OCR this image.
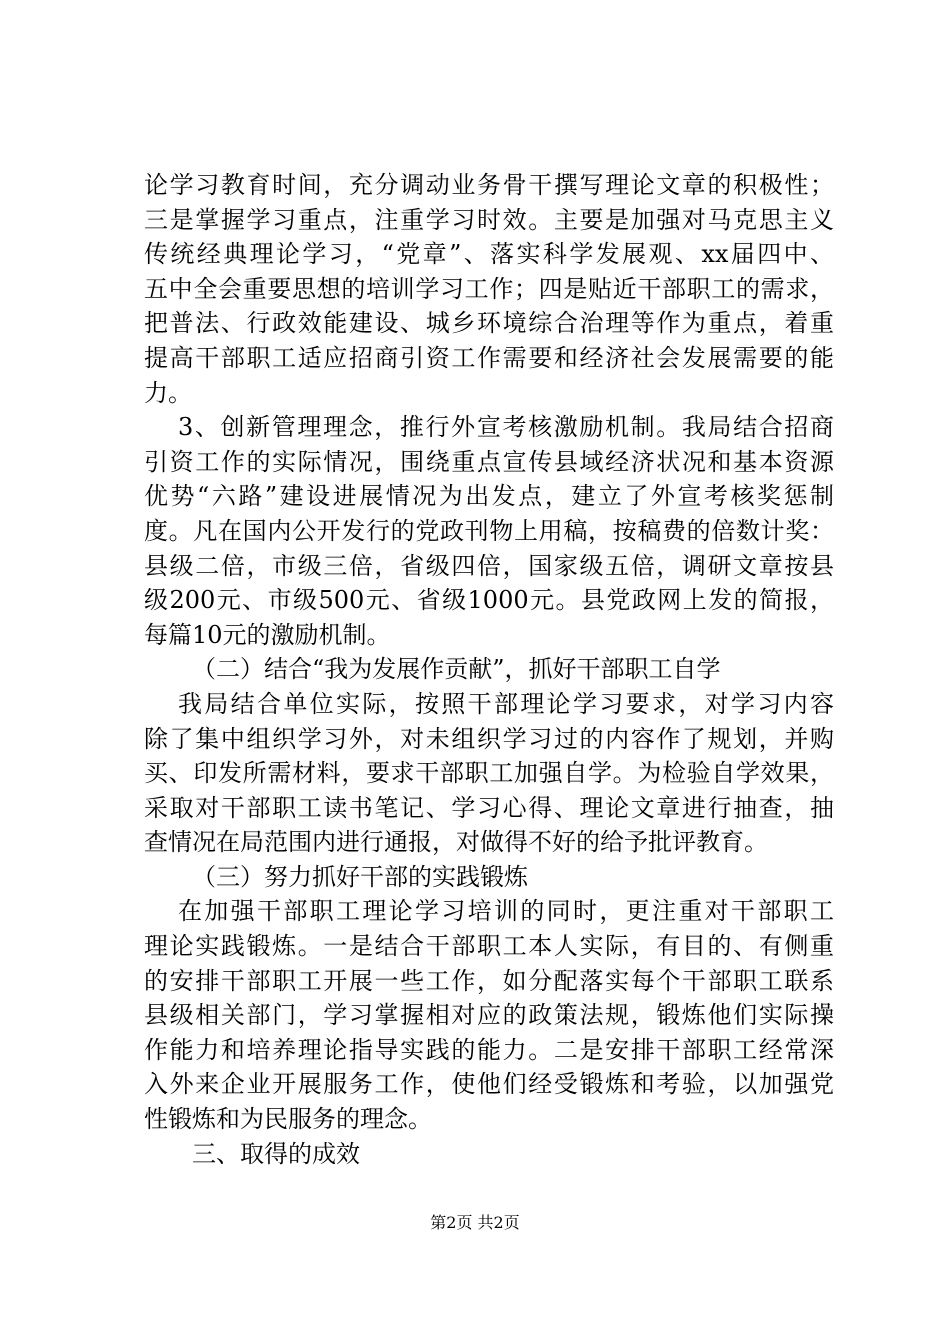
论学习教育时间，充分调动业务骨干撰写理论文章的积极性；
三是掌握学习重点，注重学习时效。主要是加强对马克思主义
传统经典理论学习，“党章”、落实科学发展观、xx届四中、
五中全会重要思想的培训学习工作；四是贴近干部职工的需求，
把普法、行政效能建设、城乡环境综合治理等作为重点，着重
提高干部职工适应招商引资工作需要和经济社会发展需要的能
力。
3、创新管理理念，推行外宣考核激励机制。我局结合招商
引资工作的实际情况，围绕重点宣传县域经济状况和基本资源
优势“六路”建设进展情况为出发点，建立了外宣考核奖惩制
度。凡在国内公开发行的党政刊物上用稿，按稿费的倍数计奖：
县级二倍，市级三倍，省级四倍，国家级五倍，调研文章按县
级200元、市级500元、省级1000元。县党政网上发的简报，
每篇10元的激励机制。
（二）结合“我为发展作贡献”，抓好干部职工自学
我局结合单位实际，按照干部理论学习要求，对学习内容
除了集中组织学习外，对未组织学习过的内容作了规划，并购
买、印发所需材料，要求干部职工加强自学。为检验自学效果，
采取对干部职工读书笔记、学习心得、理论文章进行抽查，抽
查情况在局范围内进行通报，对做得不好的给予批评教育。
（三）努力抓好干部的实践锻炼
在加强干部职工理论学习培训的同时，更注重对干部职工
理论实践锻炼。一是结合干部职工本人实际，有目的、有侧重
的安排干部职工开展一些工作，如分配落实每个干部职工联系
县级相关部门，学习掌握相对应的政策法规，锻炼他们实际操
作能力和培养理论指导实践的能力。二是安排干部职工经常深
入外来企业开展服务工作，使他们经受锻炼和考验，以加强党
性锻炼和为民服务的理念。
三、取得的成效
第2页 共2页
